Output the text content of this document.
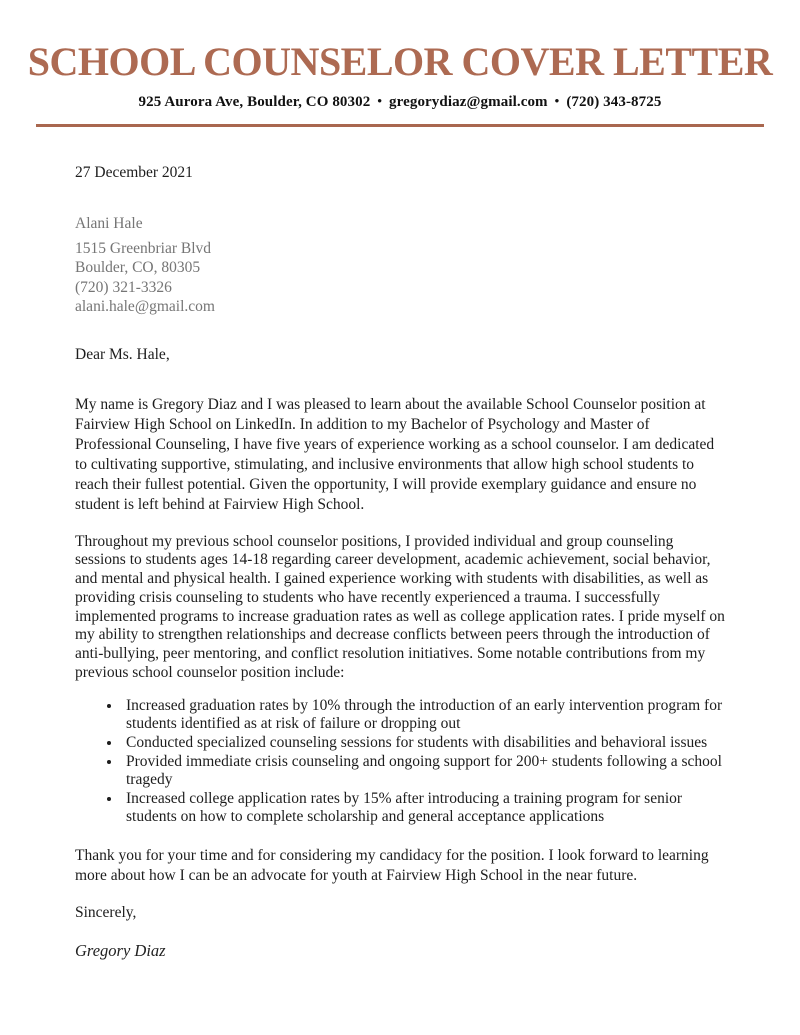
SCHOOL COUNSELOR COVER LETTER
925 Aurora Ave, Boulder, CO 80302 • gregorydiaz@gmail.com • (720) 343-8725

27 December 2021

Alani Hale

1515 Greenbriar Blvd

Boulder, CO, 80305

(720) 321-3326

alani.hale@gmail.com

Dear Ms. Hale,

My name is Gregory Diaz and I was pleased to learn about the available School Counselor position at Fairview High School on LinkedIn. In addition to my Bachelor of Psychology and Master of Professional Counseling, I have five years of experience working as a school counselor. I am dedicated to cultivating supportive, stimulating, and inclusive environments that allow high school students to reach their fullest potential. Given the opportunity, I will provide exemplary guidance and ensure no student is left behind at Fairview High School.

Throughout my previous school counselor positions, I provided individual and group counseling sessions to students ages 14-18 regarding career development, academic achievement, social behavior, and mental and physical health. I gained experience working with students with disabilities, as well as providing crisis counseling to students who have recently experienced a trauma. I successfully implemented programs to increase graduation rates as well as college application rates. I pride myself on my ability to strengthen relationships and decrease conflicts between peers through the introduction of anti-bullying, peer mentoring, and conflict resolution initiatives. Some notable contributions from my previous school counselor position include:

• Increased graduation rates by 10% through the introduction of an early intervention program for students identified as at risk of failure or dropping out
• Conducted specialized counseling sessions for students with disabilities and behavioral issues
• Provided immediate crisis counseling and ongoing support for 200+ students following a school tragedy
• Increased college application rates by 15% after introducing a training program for senior students on how to complete scholarship and general acceptance applications

Thank you for your time and for considering my candidacy for the position. I look forward to learning more about how I can be an advocate for youth at Fairview High School in the near future.

Sincerely,

Gregory Diaz
